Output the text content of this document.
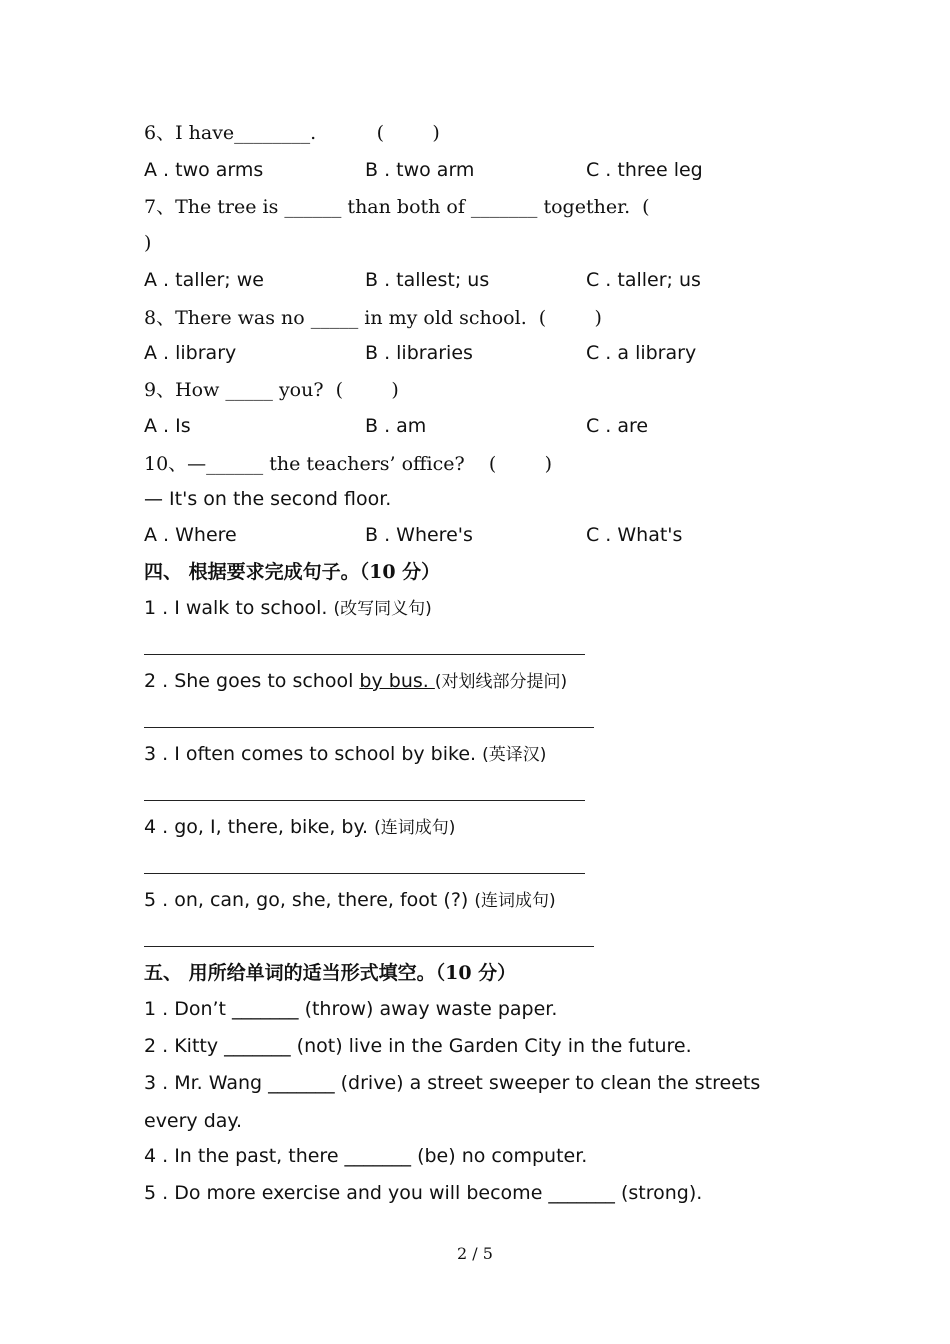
6、I have________.          (        )
A . two arms	B . two arm	C . three leg
7、The tree is ______ than both of _______ together.  (
)
A . taller; we	B . tallest; us	C . taller; us
8、There was no _____ in my old school.  (        )
A . library	B . libraries	C . a library
9、How _____ you?  (        )
A . Is	B . am	C . are
10、—______ the teachers’ office?    (        )
— It's on the second floor.
A . Where	B . Where's	C . What's
四、 根据要求完成句子。（10 分）
1 . I walk to school. (改写同义句)
2 . She goes to school by bus. (对划线部分提问)
3 . I often comes to school by bike. (英译汉)
4 . go, I, there, bike, by. (连词成句)
5 . on, can, go, she, there, foot (?) (连词成句)
五、 用所给单词的适当形式填空。（10 分）
1 . Don’t _______ (throw) away waste paper.
2 . Kitty _______ (not) live in the Garden City in the future.
3 . Mr. Wang _______ (drive) a street sweeper to clean the streets
every day.
4 . In the past, there _______ (be) no computer.
5 . Do more exercise and you will become _______ (strong).
2 / 5
